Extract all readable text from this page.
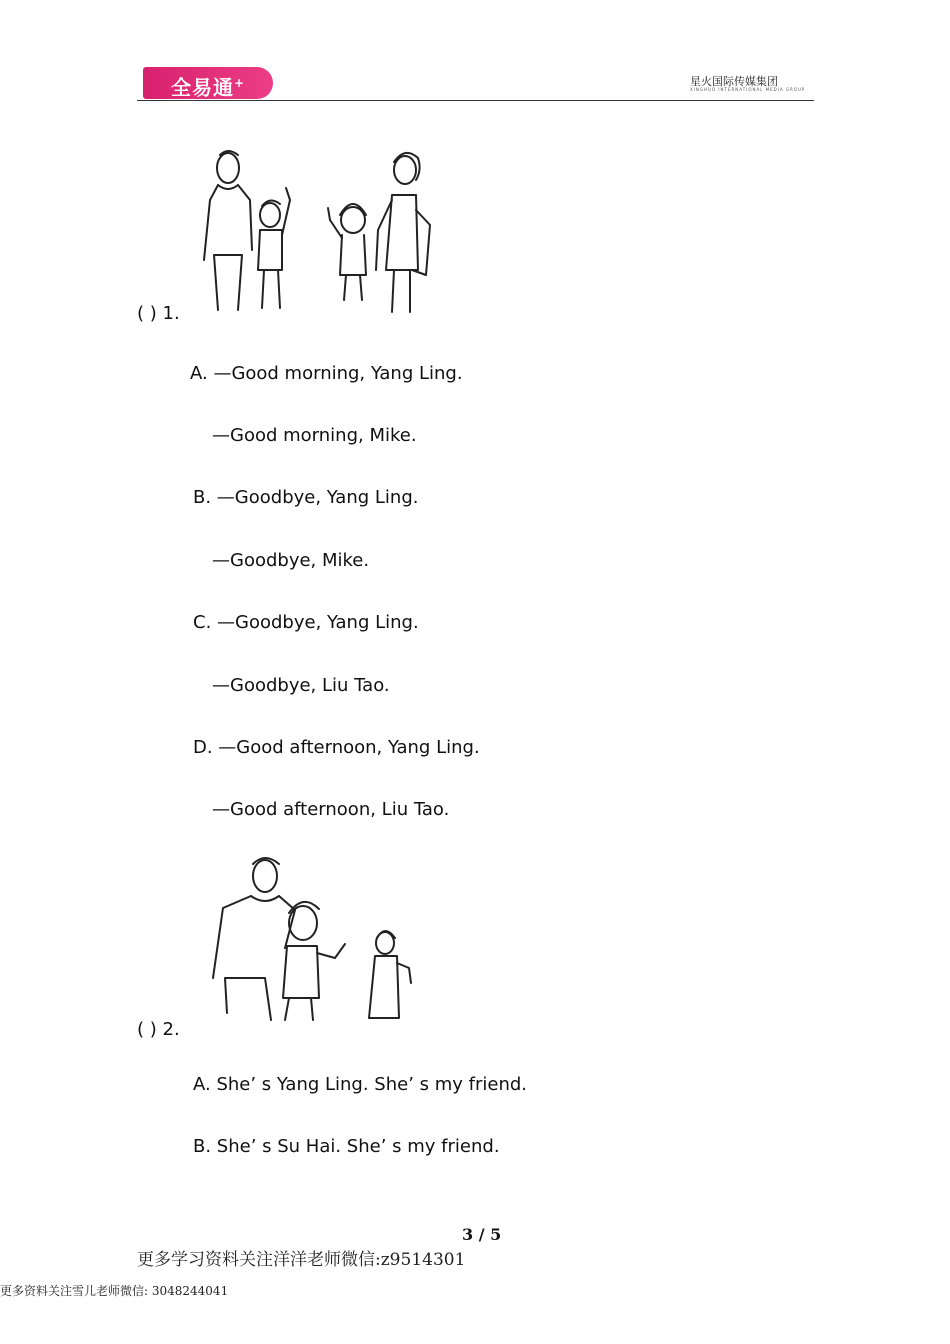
全易通+	星火国际传媒集团
XINGHUO INTERNATIONAL MEDIA GROUP
( ) 1.
A. —Good morning, Yang Ling.
—Good morning, Mike.
B. —Goodbye, Yang Ling.
—Goodbye, Mike.
C. —Goodbye, Yang Ling.
—Goodbye, Liu Tao.
D. —Good afternoon, Yang Ling.
—Good afternoon, Liu Tao.
( ) 2.
A. She’ s Yang Ling. She’ s my friend.
B. She’ s Su Hai. She’ s my friend.
3 / 5
更多学习资料关注洋洋老师微信:z9514301
更多资料关注雪儿老师微信: 3048244041
